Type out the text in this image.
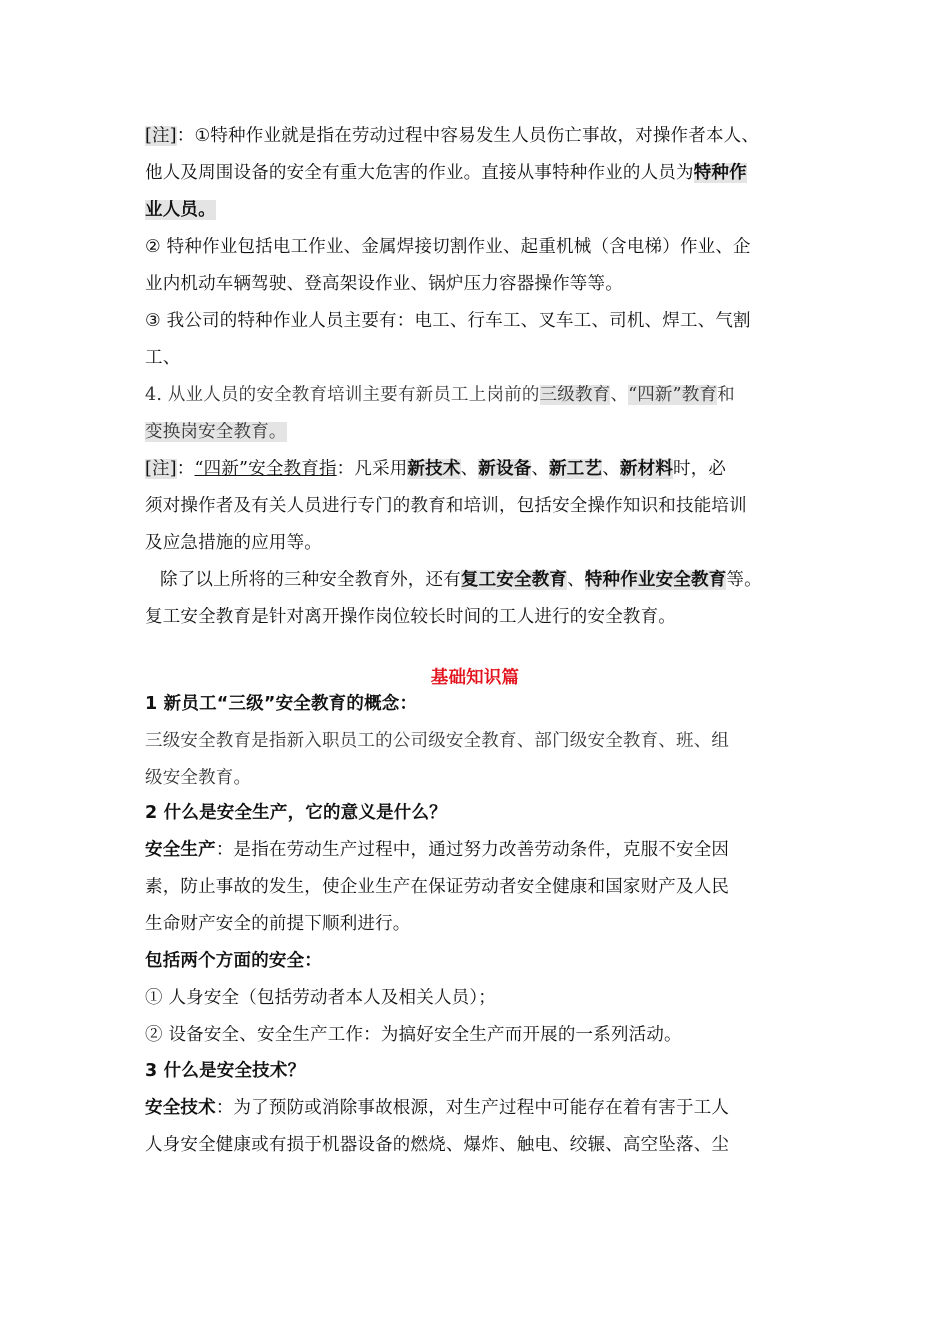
[注]：①特种作业就是指在劳动过程中容易发生人员伤亡事故，对操作者本人、
他人及周围设备的安全有重大危害的作业。直接从事特种作业的人员为特种作
业人员。
② 特种作业包括电工作业、金属焊接切割作业、起重机械（含电梯）作业、企
业内机动车辆驾驶、登高架设作业、锅炉压力容器操作等等。
③ 我公司的特种作业人员主要有：电工、行车工、叉车工、司机、焊工、气割
工、
4. 从业人员的安全教育培训主要有新员工上岗前的三级教育、“四新”教育和
变换岗安全教育。
[注]：“四新”安全教育指：凡采用新技术、新设备、新工艺、新材料时，必
须对操作者及有关人员进行专门的教育和培训，包括安全操作知识和技能培训
及应急措施的应用等。
除了以上所将的三种安全教育外，还有复工安全教育、特种作业安全教育等。
复工安全教育是针对离开操作岗位较长时间的工人进行的安全教育。
基础知识篇
1 新员工“三级”安全教育的概念：
三级安全教育是指新入职员工的公司级安全教育、部门级安全教育、班、组
级安全教育。
2 什么是安全生产，它的意义是什么？
安全生产：是指在劳动生产过程中，通过努力改善劳动条件，克服不安全因
素，防止事故的发生，使企业生产在保证劳动者安全健康和国家财产及人民
生命财产安全的前提下顺利进行。
包括两个方面的安全：
① 人身安全（包括劳动者本人及相关人员）；
② 设备安全、安全生产工作：为搞好安全生产而开展的一系列活动。
3 什么是安全技术？
安全技术：为了预防或消除事故根源，对生产过程中可能存在着有害于工人
人身安全健康或有损于机器设备的燃烧、爆炸、触电、绞辗、高空坠落、尘
